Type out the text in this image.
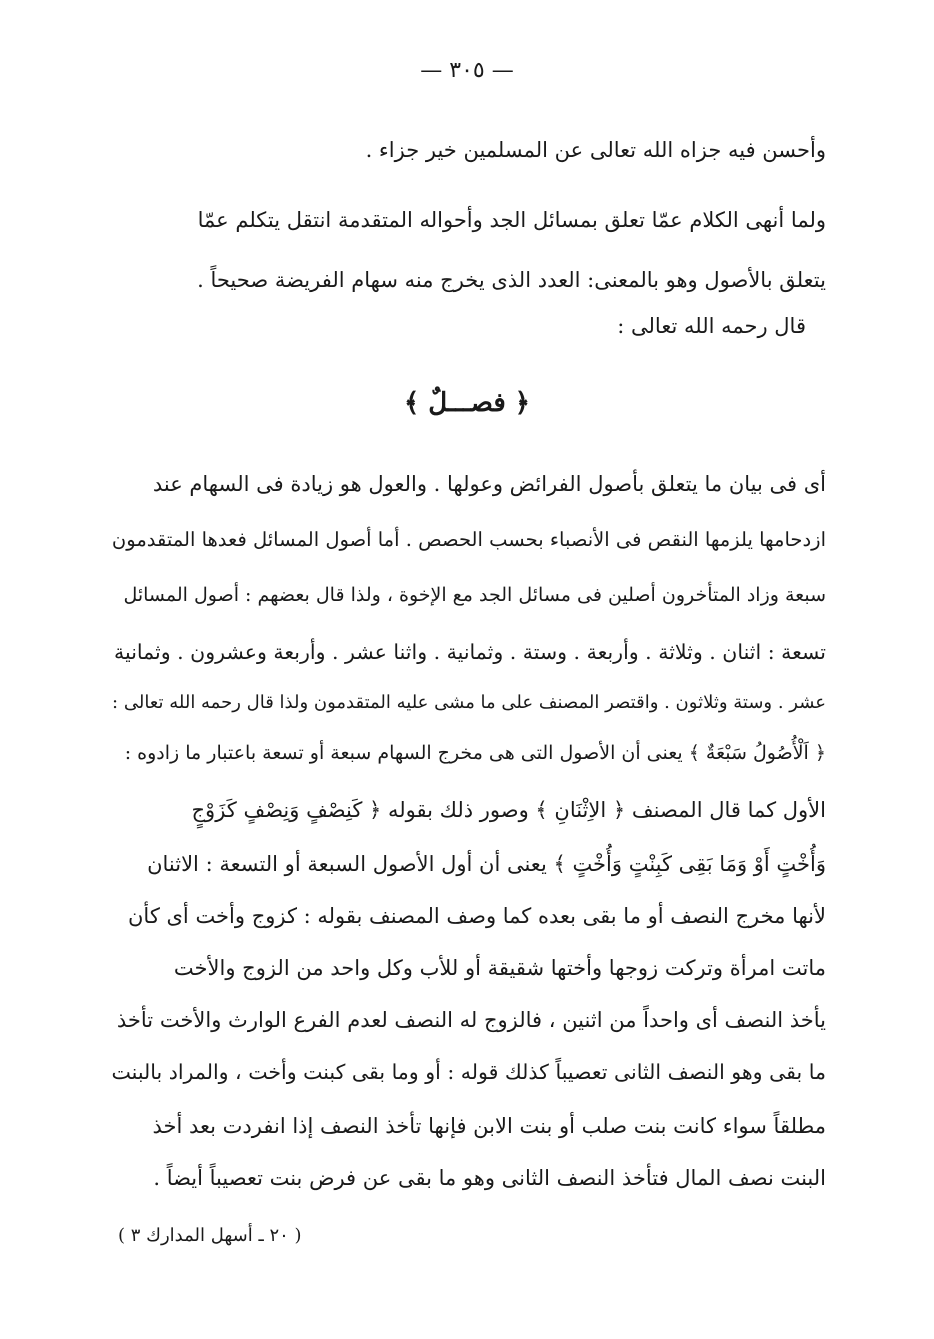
— ٣٠٥ —
وأحسن فيه جزاه الله تعالى عن المسلمين خير جزاء .
ولما أنهى الكلام عمّا تعلق بمسائل الجد وأحواله المتقدمة انتقل يتكلم عمّا
يتعلق بالأصول وهو بالمعنى: العدد الذى يخرج منه سهام الفريضة صحيحاً .
قال رحمه الله تعالى :
﴿ فصـــلٌ ﴾
أى فى بيان ما يتعلق بأصول الفرائض وعولها . والعول هو زيادة فى السهام عند
ازدحامها يلزمها النقص فى الأنصباء بحسب الحصص . أما أصول المسائل فعدها المتقدمون
سبعة وزاد المتأخرون أصلين فى مسائل الجد مع الإخوة ، ولذا قال بعضهم : أصول المسائل
تسعة : اثنان . وثلاثة . وأربعة . وستة . وثمانية . واثنا عشر . وأربعة وعشرون . وثمانية
عشر . وستة وثلاثون . واقتصر المصنف على ما مشى عليه المتقدمون ولذا قال رحمه الله تعالى :
﴿ اَلْأُصُولُ سَبْعَةٌ ﴾ يعنى أن الأصول التى هى مخرج السهام سبعة أو تسعة باعتبار ما زادوه :
الأول كما قال المصنف ﴿ الاِثْنَانِ ﴾ وصور ذلك بقوله ﴿ كَنِصْفٍ وَنِصْفٍ كَزَوْجٍ
وَأُخْتٍ أَوْ وَمَا بَقِى كَبِنْتٍ وَأُخْتٍ ﴾ يعنى أن أول الأصول السبعة أو التسعة : الاثنان
لأنها مخرج النصف أو ما بقى بعده كما وصف المصنف بقوله : كزوج وأخت أى كأن
ماتت امرأة وتركت زوجها وأختها شقيقة أو للأب وكل واحد من الزوج والأخت
يأخذ النصف أى واحداً من اثنين ، فالزوج له النصف لعدم الفرع الوارث والأخت تأخذ
ما بقى وهو النصف الثانى تعصيباً كذلك قوله : أو وما بقى كبنت وأخت ، والمراد بالبنت
مطلقاً سواء كانت بنت صلب أو بنت الابن فإنها تأخذ النصف إذا انفردت بعد أخذ
البنت نصف المال فتأخذ النصف الثانى وهو ما بقى عن فرض بنت تعصيباً أيضاً .
( ٢٠ ـ أسهل المدارك ٣ )
